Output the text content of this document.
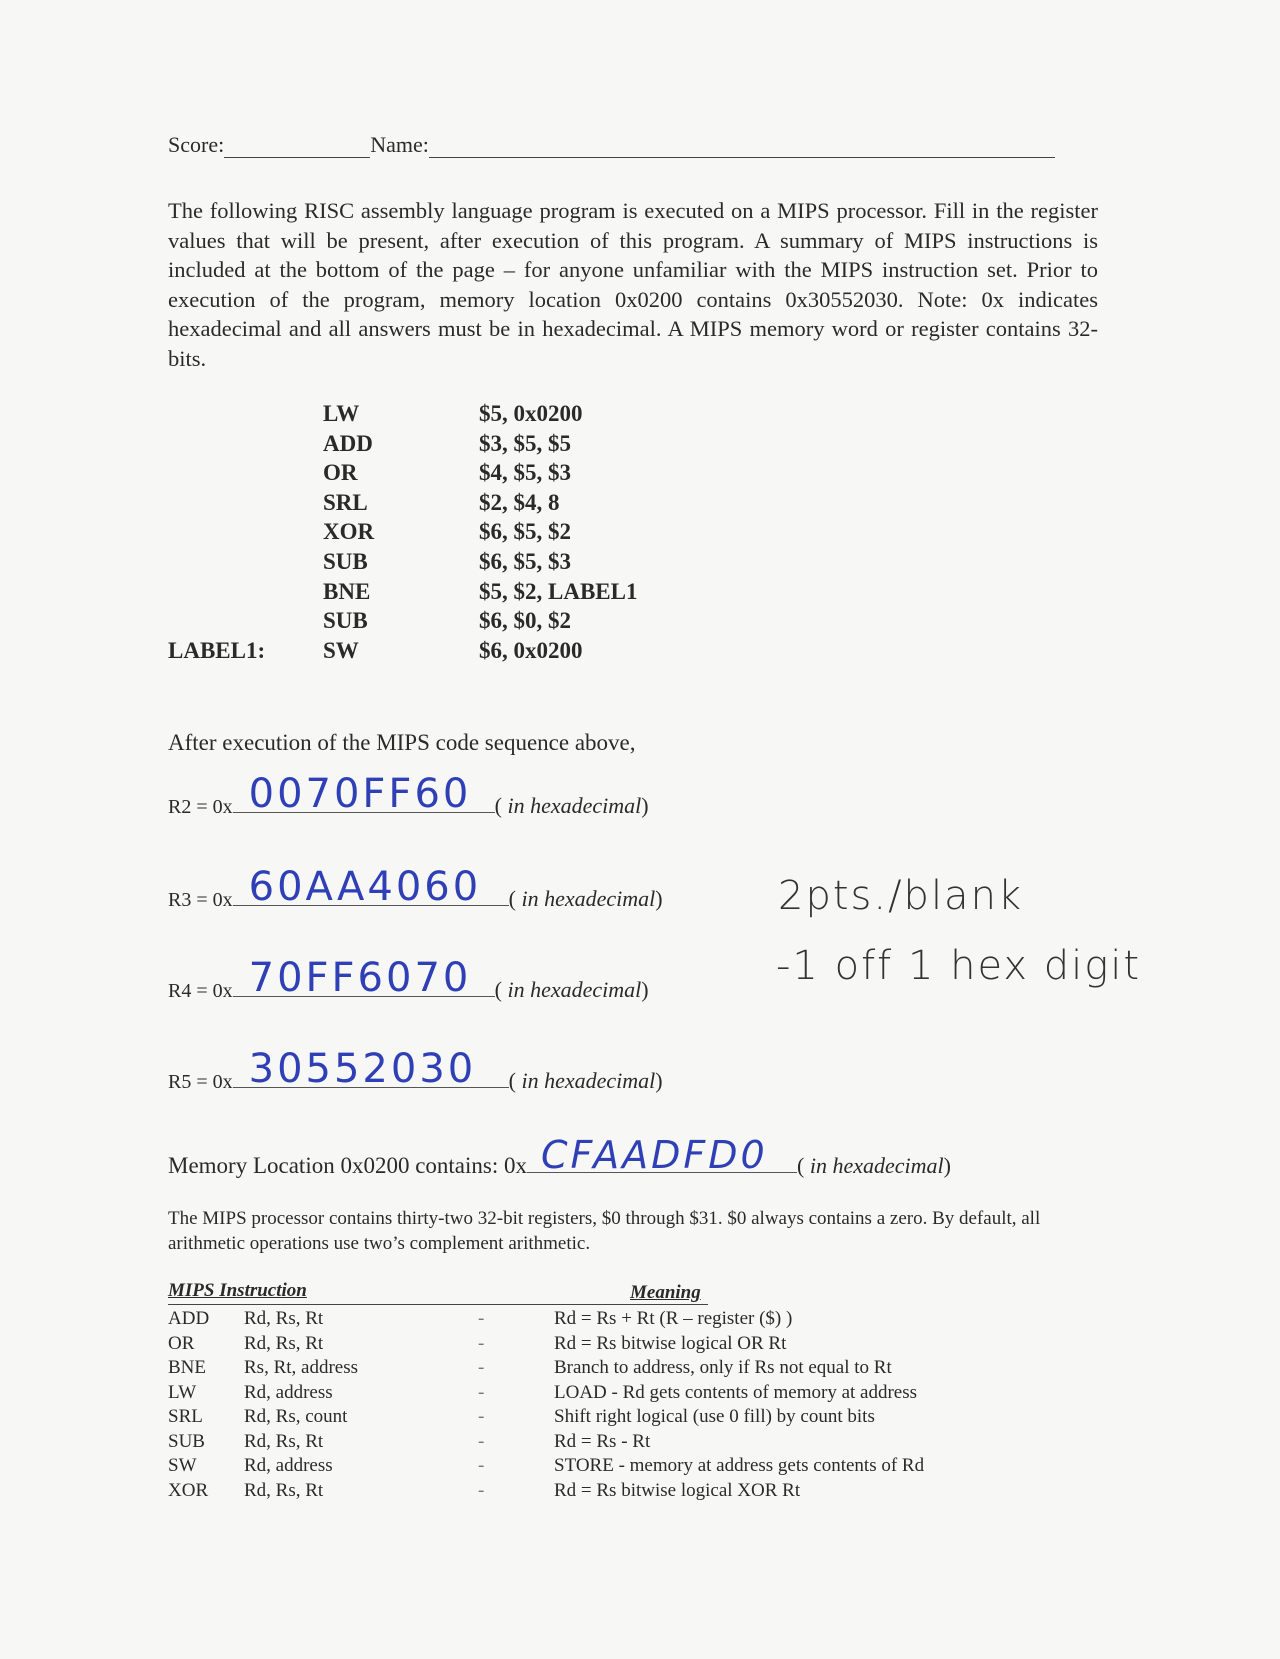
Score:	Name:
The following RISC assembly language program is executed on a MIPS processor. Fill in the register values that will be present, after execution of this program. A summary of MIPS instructions is included at the bottom of the page – for anyone unfamiliar with the MIPS instruction set. Prior to execution of the program, memory location 0x0200 contains 0x30552030. Note: 0x indicates hexadecimal and all answers must be in hexadecimal. A MIPS memory word or register contains 32-bits.
LW	$5, 0x0200
ADD	$3, $5, $5
OR	$4, $5, $3
SRL	$2, $4, 8
XOR	$6, $5, $2
SUB	$6, $5, $3
BNE	$5, $2, LABEL1
SUB	$6, $0, $2
LABEL1:	SW	$6, 0x0200
After execution of the MIPS code sequence above,
R2 = 0x 0070FF60 ( in hexadecimal)
R3 = 0x 60AA4060 ( in hexadecimal)
R4 = 0x 70FF6070 ( in hexadecimal)
R5 = 0x 30552030 ( in hexadecimal)
2pts./blank
-1 off 1 hex digit
Memory Location 0x0200 contains: 0x CFAADFD0 ( in hexadecimal)
The MIPS processor contains thirty-two 32-bit registers, $0 through $31. $0 always contains a zero. By default, all arithmetic operations use two’s complement arithmetic.
MIPS Instruction	Meaning
ADD Rd, Rs, Rt	-	Rd = Rs + Rt (R – register ($) )
OR	Rd, Rs, Rt	-	Rd = Rs bitwise logical OR Rt
BNE Rs, Rt, address	-	Branch to address, only if Rs not equal to Rt
LW	Rd, address	-	LOAD - Rd gets contents of memory at address
SRL Rd, Rs, count	-	Shift right logical (use 0 fill) by count bits
SUB Rd, Rs, Rt	-	Rd = Rs - Rt
SW	Rd, address	-	STORE - memory at address gets contents of Rd
XOR Rd, Rs, Rt	-	Rd = Rs bitwise logical XOR Rt
